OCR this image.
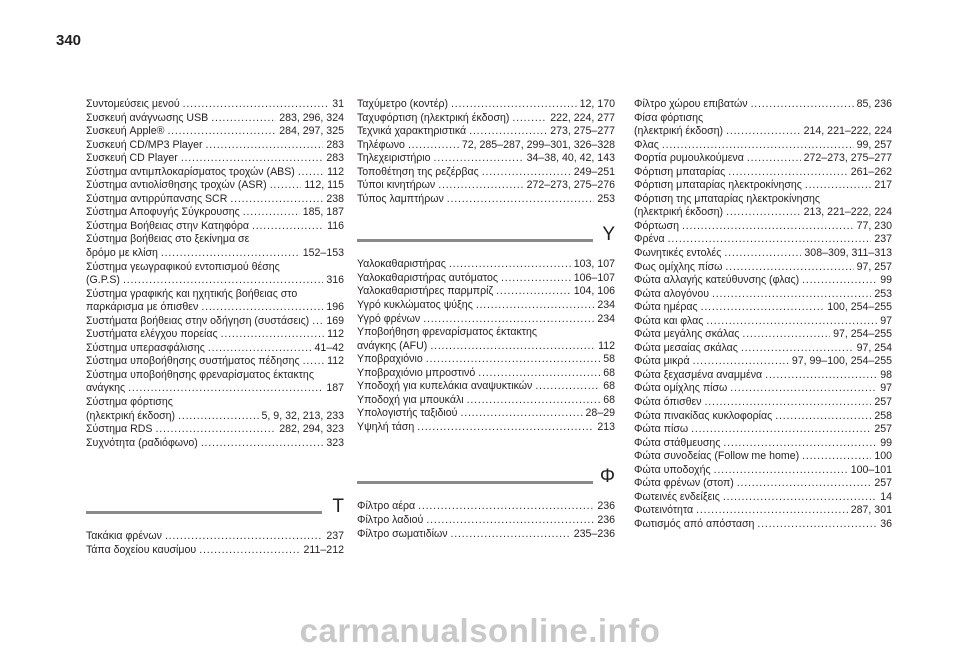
340
Συντομεύσεις μενού .....	31
Συσκευή ανάγνωσης USB .....	283, 296, 324
Συσκευή Apple® .....	284, 297, 325
Συσκευή CD/MP3 Player .....	283
Συσκευή CD Player .....	283
Σύστημα αντιμπλοκαρίσματος τροχών (ABS) .....	112
Σύστημα αντιολίσθησης τροχών (ASR) .....	112, 115
Σύστημα αντιρρύπανσης SCR .....	238
Σύστημα Αποφυγής Σύγκρουσης .....	185, 187
Σύστημα Βοήθειας στην Κατηφόρα .....	116
Σύστημα βοήθειας στο ξεκίνημα σε
δρόμο με κλίση .....	152–153
Σύστημα γεωγραφικού εντοπισμού θέσης
(G.P.S) .....	316
Σύστημα γραφικής και ηχητικής βοήθειας στο
παρκάρισμα με όπισθεν .....	196
Συστήματα βοήθειας στην οδήγηση (συστάσεις) ..... 169
Συστήματα ελέγχου πορείας .....	112
Σύστημα υπερασφάλισης .....	41–42
Σύστημα υποβοήθησης συστήματος πέδησης .....	112
Σύστημα υποβοήθησης φρεναρίσματος έκτακτης
ανάγκης .....	187
Σύστημα φόρτισης
(ηλεκτρική έκδοση) .....	5, 9, 32, 213, 233
Σύστημα RDS .....	282, 294, 323
Συχνότητα (ραδιόφωνο) .....	323
T
Τακάκια φρένων .....	237
Τάπα δοχείου καυσίμου .....	211–212
Ταχύμετρο (κοντέρ) .....	12, 170
Ταχυφόρτιση (ηλεκτρική έκδοση) .....	222, 224, 277
Τεχνικά χαρακτηριστικά .....	273, 275–277
Τηλέφωνο .....	72, 285–287, 299–301, 326–328
Τηλεχειριστήριο .....	34–38, 40, 42, 143
Τοποθέτηση της ρεζέρβας .....	249–251
Τύποι κινητήρων .....	272–273, 275–276
Τύπος λαμπτήρων .....	253
Y
Υαλοκαθαριστήρας .....	103, 107
Υαλοκαθαριστήρας αυτόματος .....	106–107
Υαλοκαθαριστήρες παρμπρίζ .....	104, 106
Υγρό κυκλώματος ψύξης .....	234
Υγρό φρένων .....	234
Υποβοήθηση φρεναρίσματος έκτακτης
ανάγκης (AFU) .....	112
Υποβραχιόνιο .....	58
Υποβραχιόνιο μπροστινό .....	68
Υποδοχή για κυπελάκια αναψυκτικών .....	68
Υποδοχή για μπουκάλι .....	68
Υπολογιστής ταξιδιού .....	28–29
Υψηλή τάση .....	213
Φ
Φίλτρο αέρα .....	236
Φίλτρο λαδιού .....	236
Φίλτρο σωματιδίων .....	235–236
Φίλτρο χώρου επιβατών .....	85, 236
Φίσα φόρτισης
(ηλεκτρική έκδοση) .....	214, 221–222, 224
Φλας .....	99, 257
Φορτία ρυμουλκούμενα .....	272–273, 275–277
Φόρτιση μπαταρίας .....	261–262
Φόρτιση μπαταρίας ηλεκτροκίνησης .....	217
Φόρτιση της μπαταρίας ηλεκτροκίνησης
(ηλεκτρική έκδοση) .....	213, 221–222, 224
Φόρτωση .....	77, 230
Φρένα .....	237
Φωνητικές εντολές .....	308–309, 311–313
Φως ομίχλης πίσω .....	97, 257
Φώτα αλλαγής κατεύθυνσης (φλας) .....	99
Φώτα αλογόνου .....	253
Φώτα ημέρας .....	100, 254–255
Φώτα και φλας .....	97
Φώτα μεγάλης σκάλας .....	97, 254–255
Φώτα μεσαίας σκάλας .....	97, 254
Φώτα μικρά .....	97, 99–100, 254–255
Φώτα ξεχασμένα αναμμένα .....	98
Φώτα ομίχλης πίσω .....	97
Φώτα όπισθεν .....	257
Φώτα πινακίδας κυκλοφορίας .....	258
Φώτα πίσω .....	257
Φώτα στάθμευσης .....	99
Φώτα συνοδείας (Follow me home) .....	100
Φώτα υποδοχής .....	100–101
Φώτα φρένων (στοπ) .....	257
Φωτεινές ενδείξεις .....	14
Φωτεινότητα .....	287, 301
Φωτισμός από απόσταση .....	36
carmanualsonline.info
